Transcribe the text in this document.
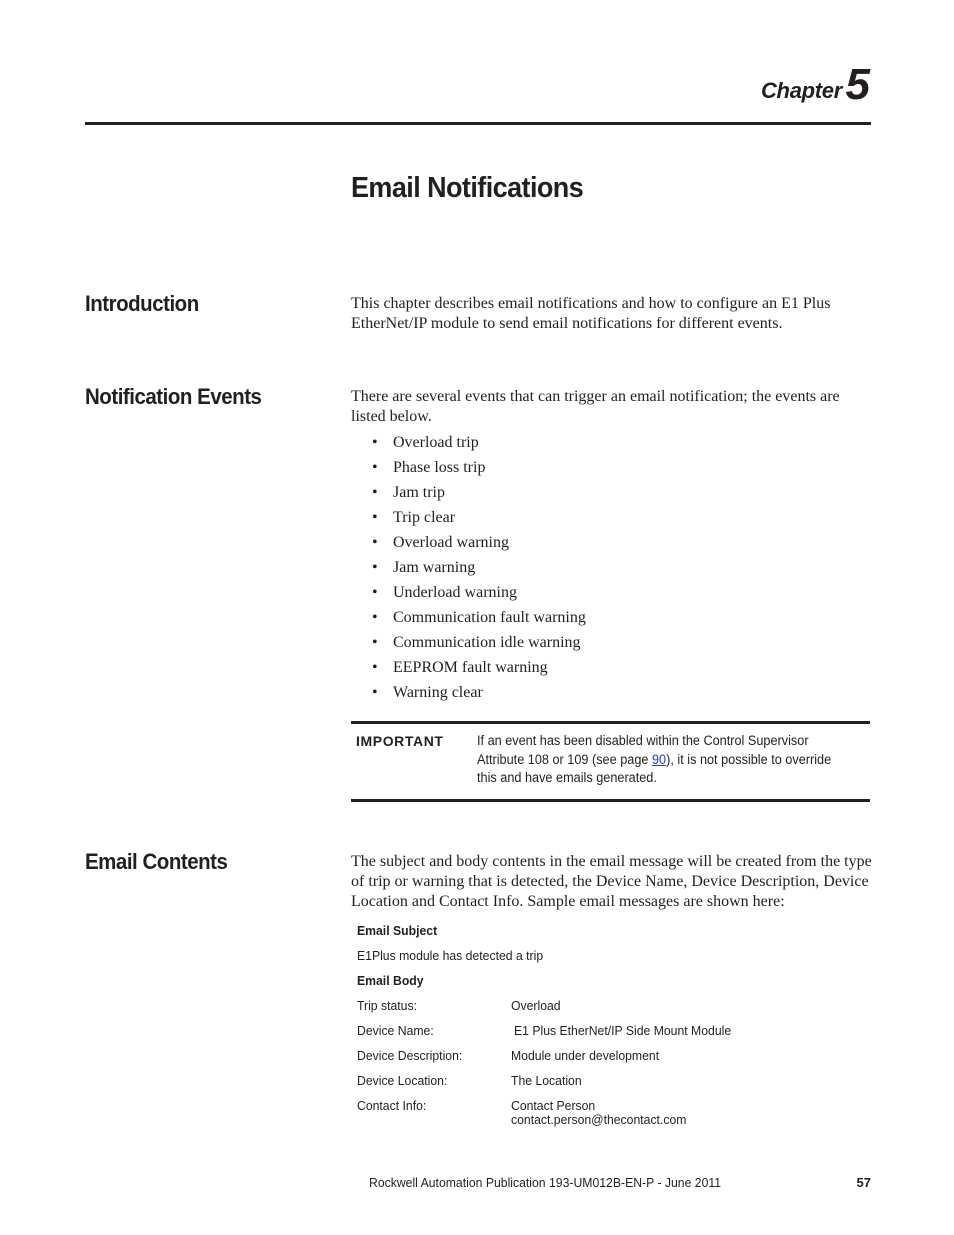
Chapter 5
Email Notifications
Introduction	This chapter describes email notifications and how to configure an E1 Plus EtherNet/IP module to send email notifications for different events.
Notification Events	There are several events that can trigger an email notification; the events are listed below.
• Overload trip
• Phase loss trip
• Jam trip
• Trip clear
• Overload warning
• Jam warning
• Underload warning
• Communication fault warning
• Communication idle warning
• EEPROM fault warning
• Warning clear
IMPORTANT If an event has been disabled within the Control Supervisor Attribute 108 or 109 (see page 90), it is not possible to override this and have emails generated.
Email Contents	The subject and body contents in the email message will be created from the type of trip or warning that is detected, the Device Name, Device Description, Device Location and Contact Info. Sample email messages are shown here:
Email Subject
E1Plus module has detected a trip
Email Body
Trip status:	Overload
Device Name:	E1 Plus EtherNet/IP Side Mount Module
Device Description:	Module under development
Device Location:	The Location
Contact Info:	Contact Person
contact.person@thecontact.com
Rockwell Automation Publication 193-UM012B-EN-P - June 2011	57
